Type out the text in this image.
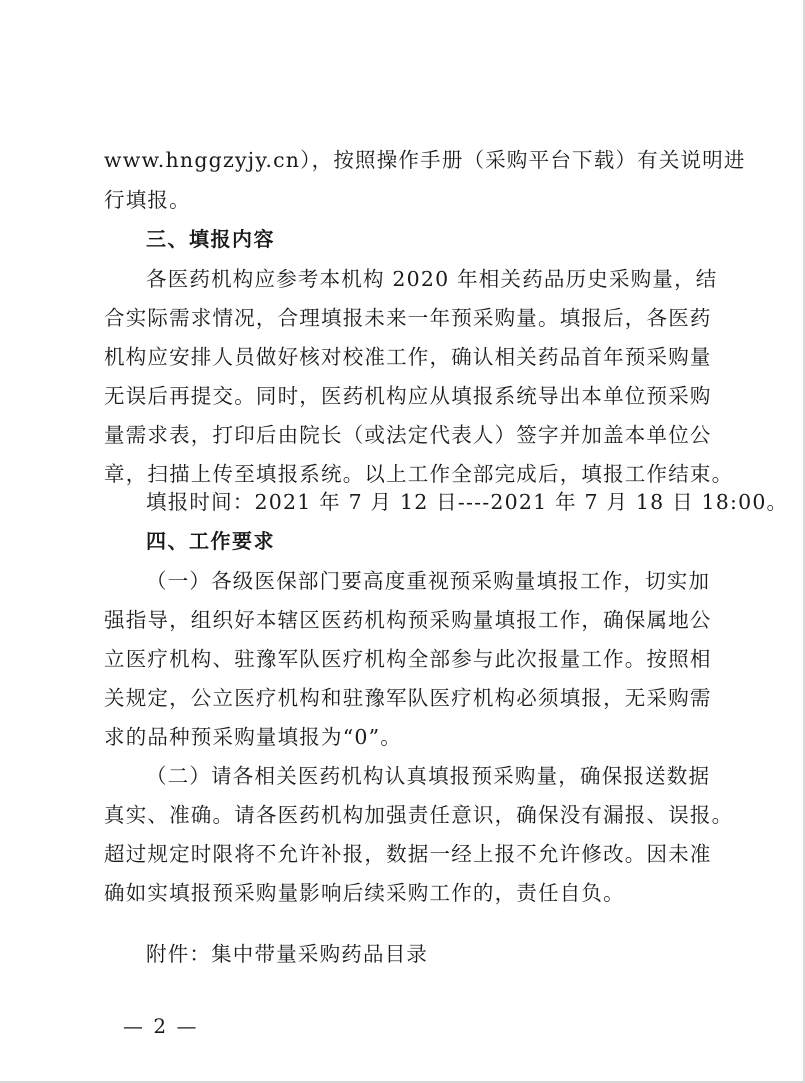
www.hnggzyjy.cn），按照操作手册（采购平台下载）有关说明进
行填报。
三、填报内容
各医药机构应参考本机构 2020 年相关药品历史采购量，结
合实际需求情况，合理填报未来一年预采购量。填报后，各医药
机构应安排人员做好核对校准工作，确认相关药品首年预采购量
无误后再提交。同时，医药机构应从填报系统导出本单位预采购
量需求表，打印后由院长（或法定代表人）签字并加盖本单位公
章，扫描上传至填报系统。以上工作全部完成后，填报工作结束。
填报时间：2021 年 7 月 12 日----2021 年 7 月 18 日 18:00。
四、工作要求
（一）各级医保部门要高度重视预采购量填报工作，切实加
强指导，组织好本辖区医药机构预采购量填报工作，确保属地公
立医疗机构、驻豫军队医疗机构全部参与此次报量工作。按照相
关规定，公立医疗机构和驻豫军队医疗机构必须填报，无采购需
求的品种预采购量填报为“0”。
（二）请各相关医药机构认真填报预采购量，确保报送数据
真实、准确。请各医药机构加强责任意识，确保没有漏报、误报。
超过规定时限将不允许补报，数据一经上报不允许修改。因未准
确如实填报预采购量影响后续采购工作的，责任自负。
附件：集中带量采购药品目录
— 2 —
